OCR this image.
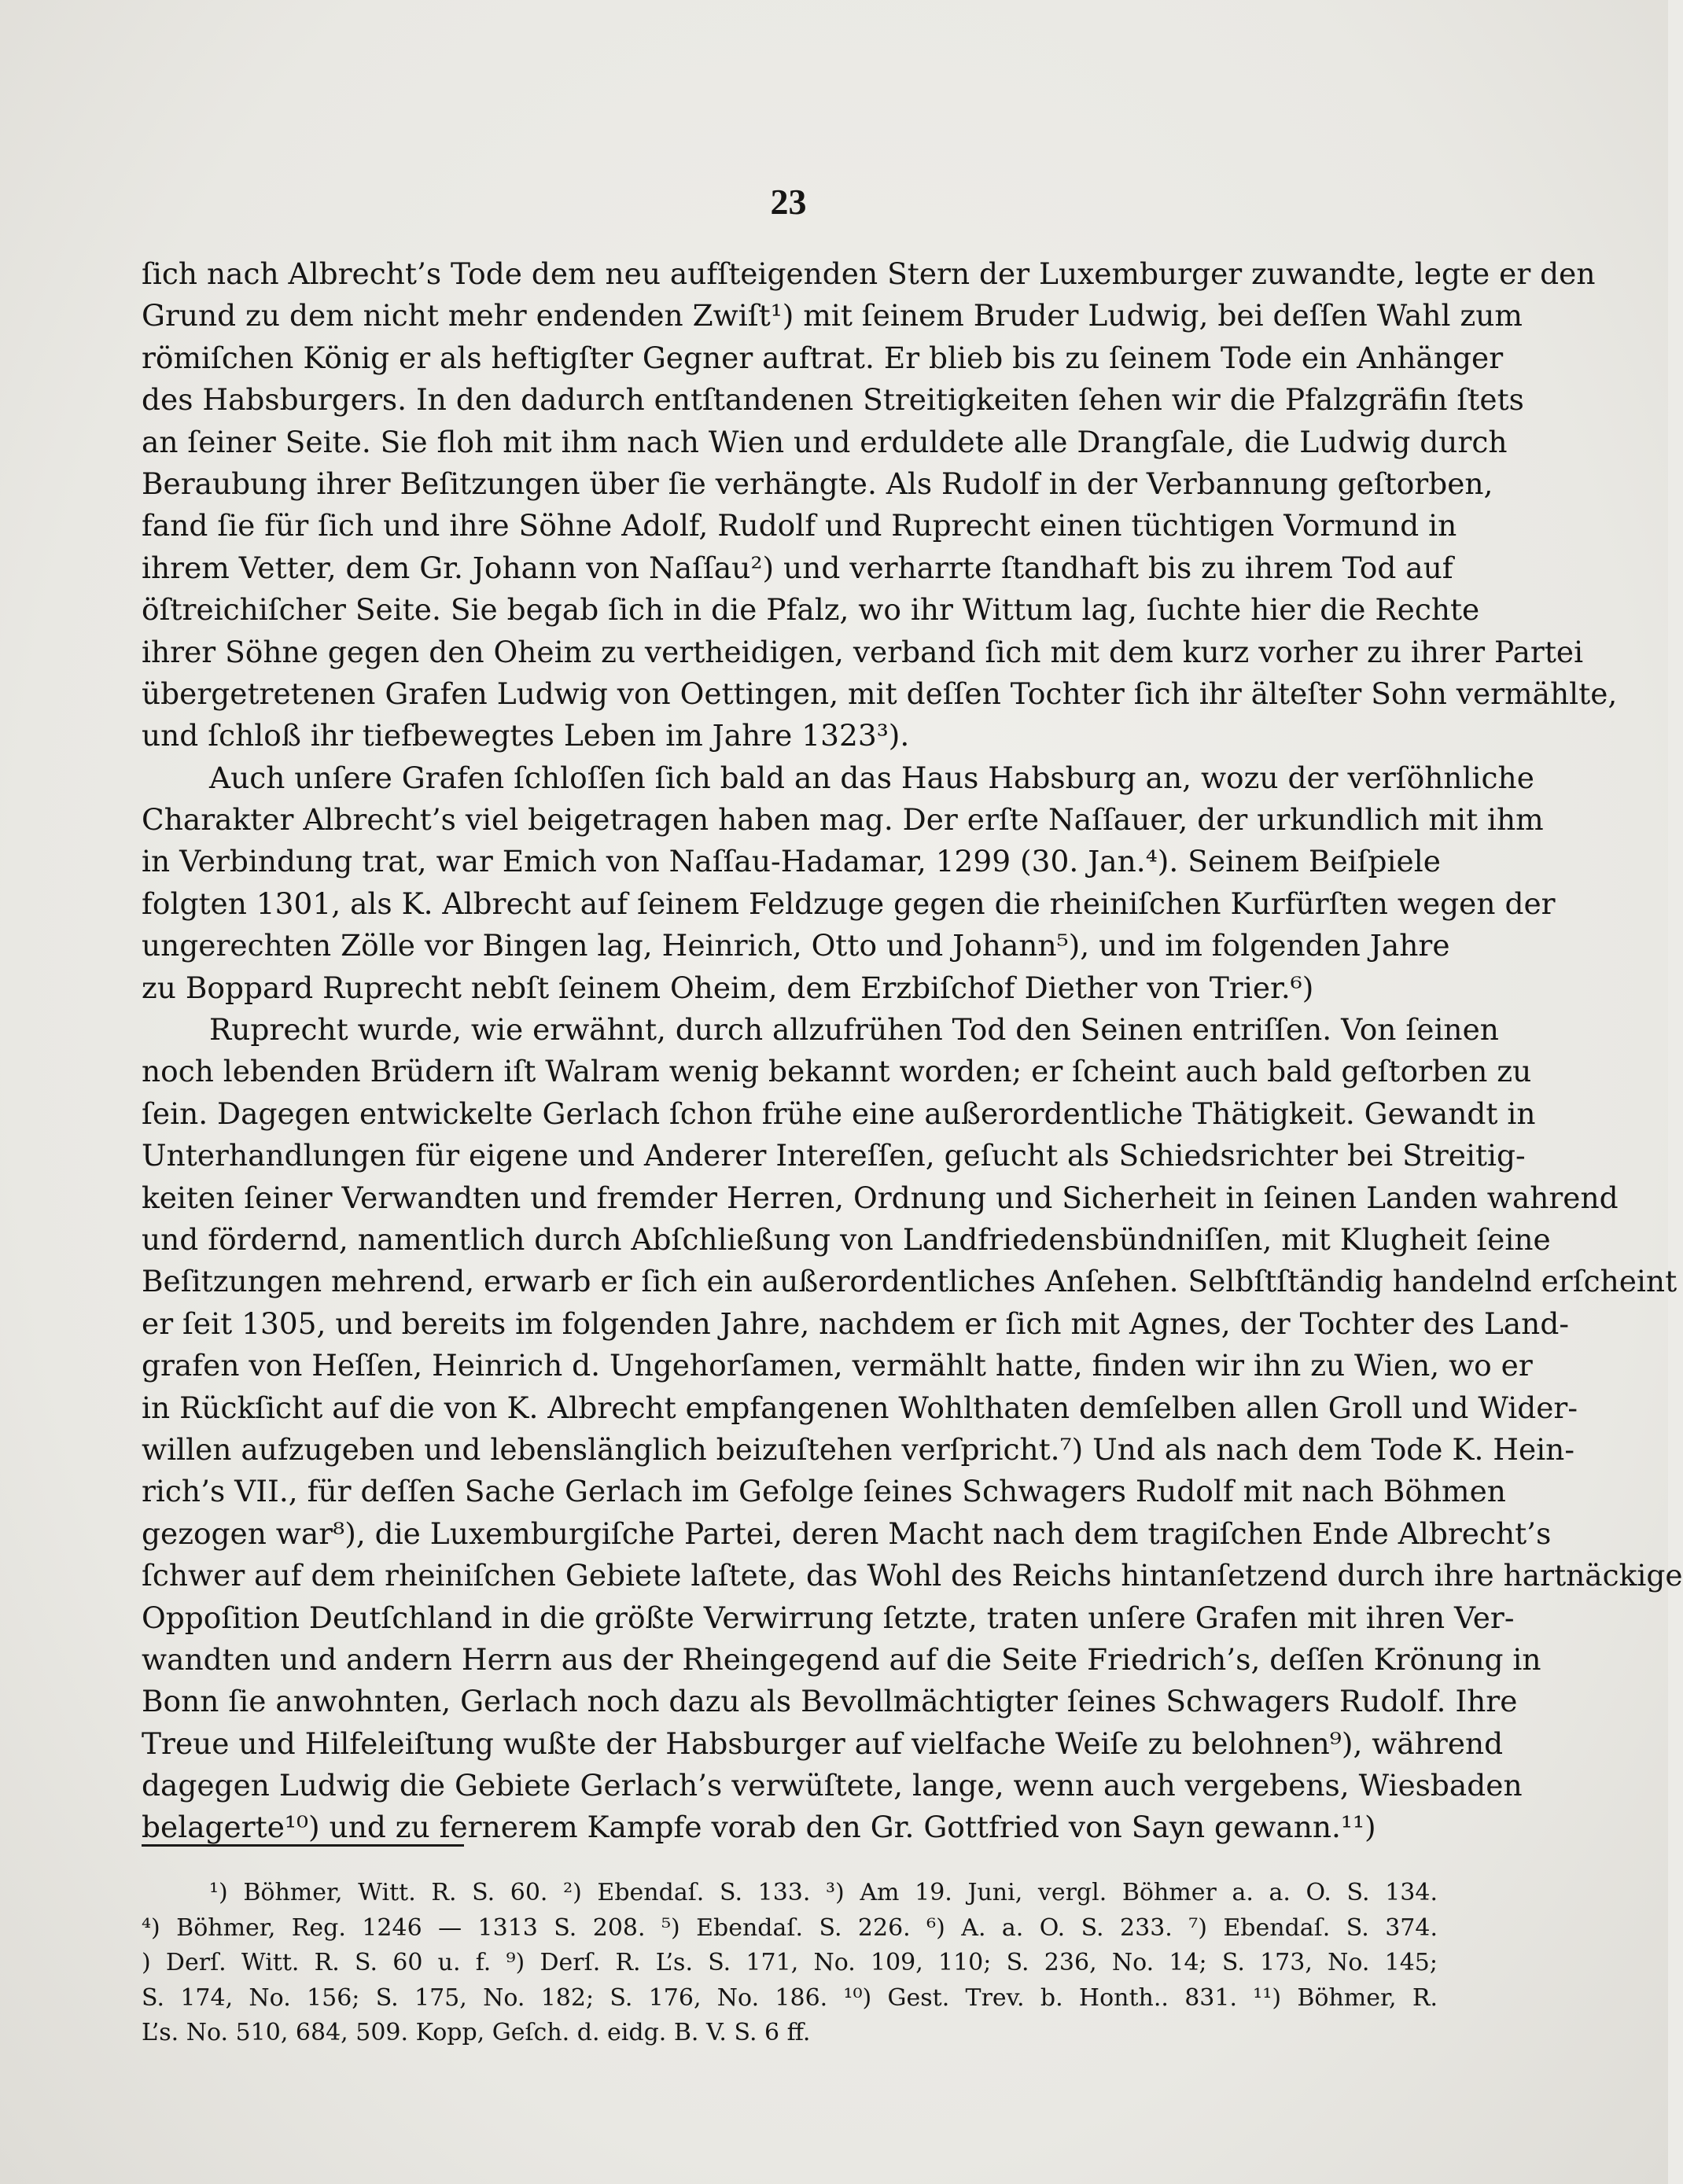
23
ſich nach Albrecht’s Tode dem neu aufſteigenden Stern der Luxemburger zuwandte, legte er den
Grund zu dem nicht mehr endenden Zwiſt¹) mit ſeinem Bruder Ludwig, bei deſſen Wahl zum
römiſchen König er als heftigſter Gegner auftrat. Er blieb bis zu ſeinem Tode ein Anhänger
des Habsburgers. In den dadurch entſtandenen Streitigkeiten ſehen wir die Pfalzgräfin ſtets
an ſeiner Seite. Sie floh mit ihm nach Wien und erduldete alle Drangſale, die Ludwig durch
Beraubung ihrer Beſitzungen über ſie verhängte. Als Rudolf in der Verbannung geſtorben,
fand ſie für ſich und ihre Söhne Adolf, Rudolf und Ruprecht einen tüchtigen Vormund in
ihrem Vetter, dem Gr. Johann von Naſſau²) und verharrte ſtandhaft bis zu ihrem Tod auf
öſtreichiſcher Seite. Sie begab ſich in die Pfalz, wo ihr Wittum lag, ſuchte hier die Rechte
ihrer Söhne gegen den Oheim zu vertheidigen, verband ſich mit dem kurz vorher zu ihrer Partei
übergetretenen Grafen Ludwig von Oettingen, mit deſſen Tochter ſich ihr älteſter Sohn vermählte,
und ſchloß ihr tiefbewegtes Leben im Jahre 1323³).
Auch unſere Grafen ſchloſſen ſich bald an das Haus Habsburg an, wozu der verſöhnliche
Charakter Albrecht’s viel beigetragen haben mag. Der erſte Naſſauer, der urkundlich mit ihm
in Verbindung trat, war Emich von Naſſau-Hadamar, 1299 (30. Jan.⁴). Seinem Beiſpiele
folgten 1301, als K. Albrecht auf ſeinem Feldzuge gegen die rheiniſchen Kurfürſten wegen der
ungerechten Zölle vor Bingen lag, Heinrich, Otto und Johann⁵), und im folgenden Jahre
zu Boppard Ruprecht nebſt ſeinem Oheim, dem Erzbiſchof Diether von Trier.⁶)
Ruprecht wurde, wie erwähnt, durch allzufrühen Tod den Seinen entriſſen. Von ſeinen
noch lebenden Brüdern iſt Walram wenig bekannt worden; er ſcheint auch bald geſtorben zu
ſein. Dagegen entwickelte Gerlach ſchon frühe eine außerordentliche Thätigkeit. Gewandt in
Unterhandlungen für eigene und Anderer Intereſſen, geſucht als Schiedsrichter bei Streitig-
keiten ſeiner Verwandten und fremder Herren, Ordnung und Sicherheit in ſeinen Landen wahrend
und fördernd, namentlich durch Abſchließung von Landfriedensbündniſſen, mit Klugheit ſeine
Beſitzungen mehrend, erwarb er ſich ein außerordentliches Anſehen. Selbſtſtändig handelnd erſcheint
er ſeit 1305, und bereits im folgenden Jahre, nachdem er ſich mit Agnes, der Tochter des Land-
grafen von Heſſen, Heinrich d. Ungehorſamen, vermählt hatte, finden wir ihn zu Wien, wo er
in Rückſicht auf die von K. Albrecht empfangenen Wohlthaten demſelben allen Groll und Wider-
willen aufzugeben und lebenslänglich beizuſtehen verſpricht.⁷) Und als nach dem Tode K. Hein-
rich’s VII., für deſſen Sache Gerlach im Gefolge ſeines Schwagers Rudolf mit nach Böhmen
gezogen war⁸), die Luxemburgiſche Partei, deren Macht nach dem tragiſchen Ende Albrecht’s
ſchwer auf dem rheiniſchen Gebiete laſtete, das Wohl des Reichs hintanſetzend durch ihre hartnäckige
Oppoſition Deutſchland in die größte Verwirrung ſetzte, traten unſere Grafen mit ihren Ver-
wandten und andern Herrn aus der Rheingegend auf die Seite Friedrich’s, deſſen Krönung in
Bonn ſie anwohnten, Gerlach noch dazu als Bevollmächtigter ſeines Schwagers Rudolf. Ihre
Treue und Hilfeleiſtung wußte der Habsburger auf vielfache Weiſe zu belohnen⁹), während
dagegen Ludwig die Gebiete Gerlach’s verwüſtete, lange, wenn auch vergebens, Wiesbaden
belagerte¹⁰) und zu fernerem Kampfe vorab den Gr. Gottfried von Sayn gewann.¹¹)
¹) Böhmer, Witt. R. S. 60. ²) Ebendaſ. S. 133. ³) Am 19. Juni, vergl. Böhmer a. a. O. S. 134.
⁴) Böhmer, Reg. 1246 — 1313 S. 208. ⁵) Ebendaſ. S. 226. ⁶) A. a. O. S. 233. ⁷) Ebendaſ. S. 374.
) Derſ. Witt. R. S. 60 u. f. ⁹) Derſ. R. L’s. S. 171, No. 109, 110; S. 236, No. 14; S. 173, No. 145;
S. 174, No. 156; S. 175, No. 182; S. 176, No. 186. ¹⁰) Gest. Trev. b. Honth.. 831. ¹¹) Böhmer, R.
L’s. No. 510, 684, 509. Kopp, Geſch. d. eidg. B. V. S. 6 ff.
